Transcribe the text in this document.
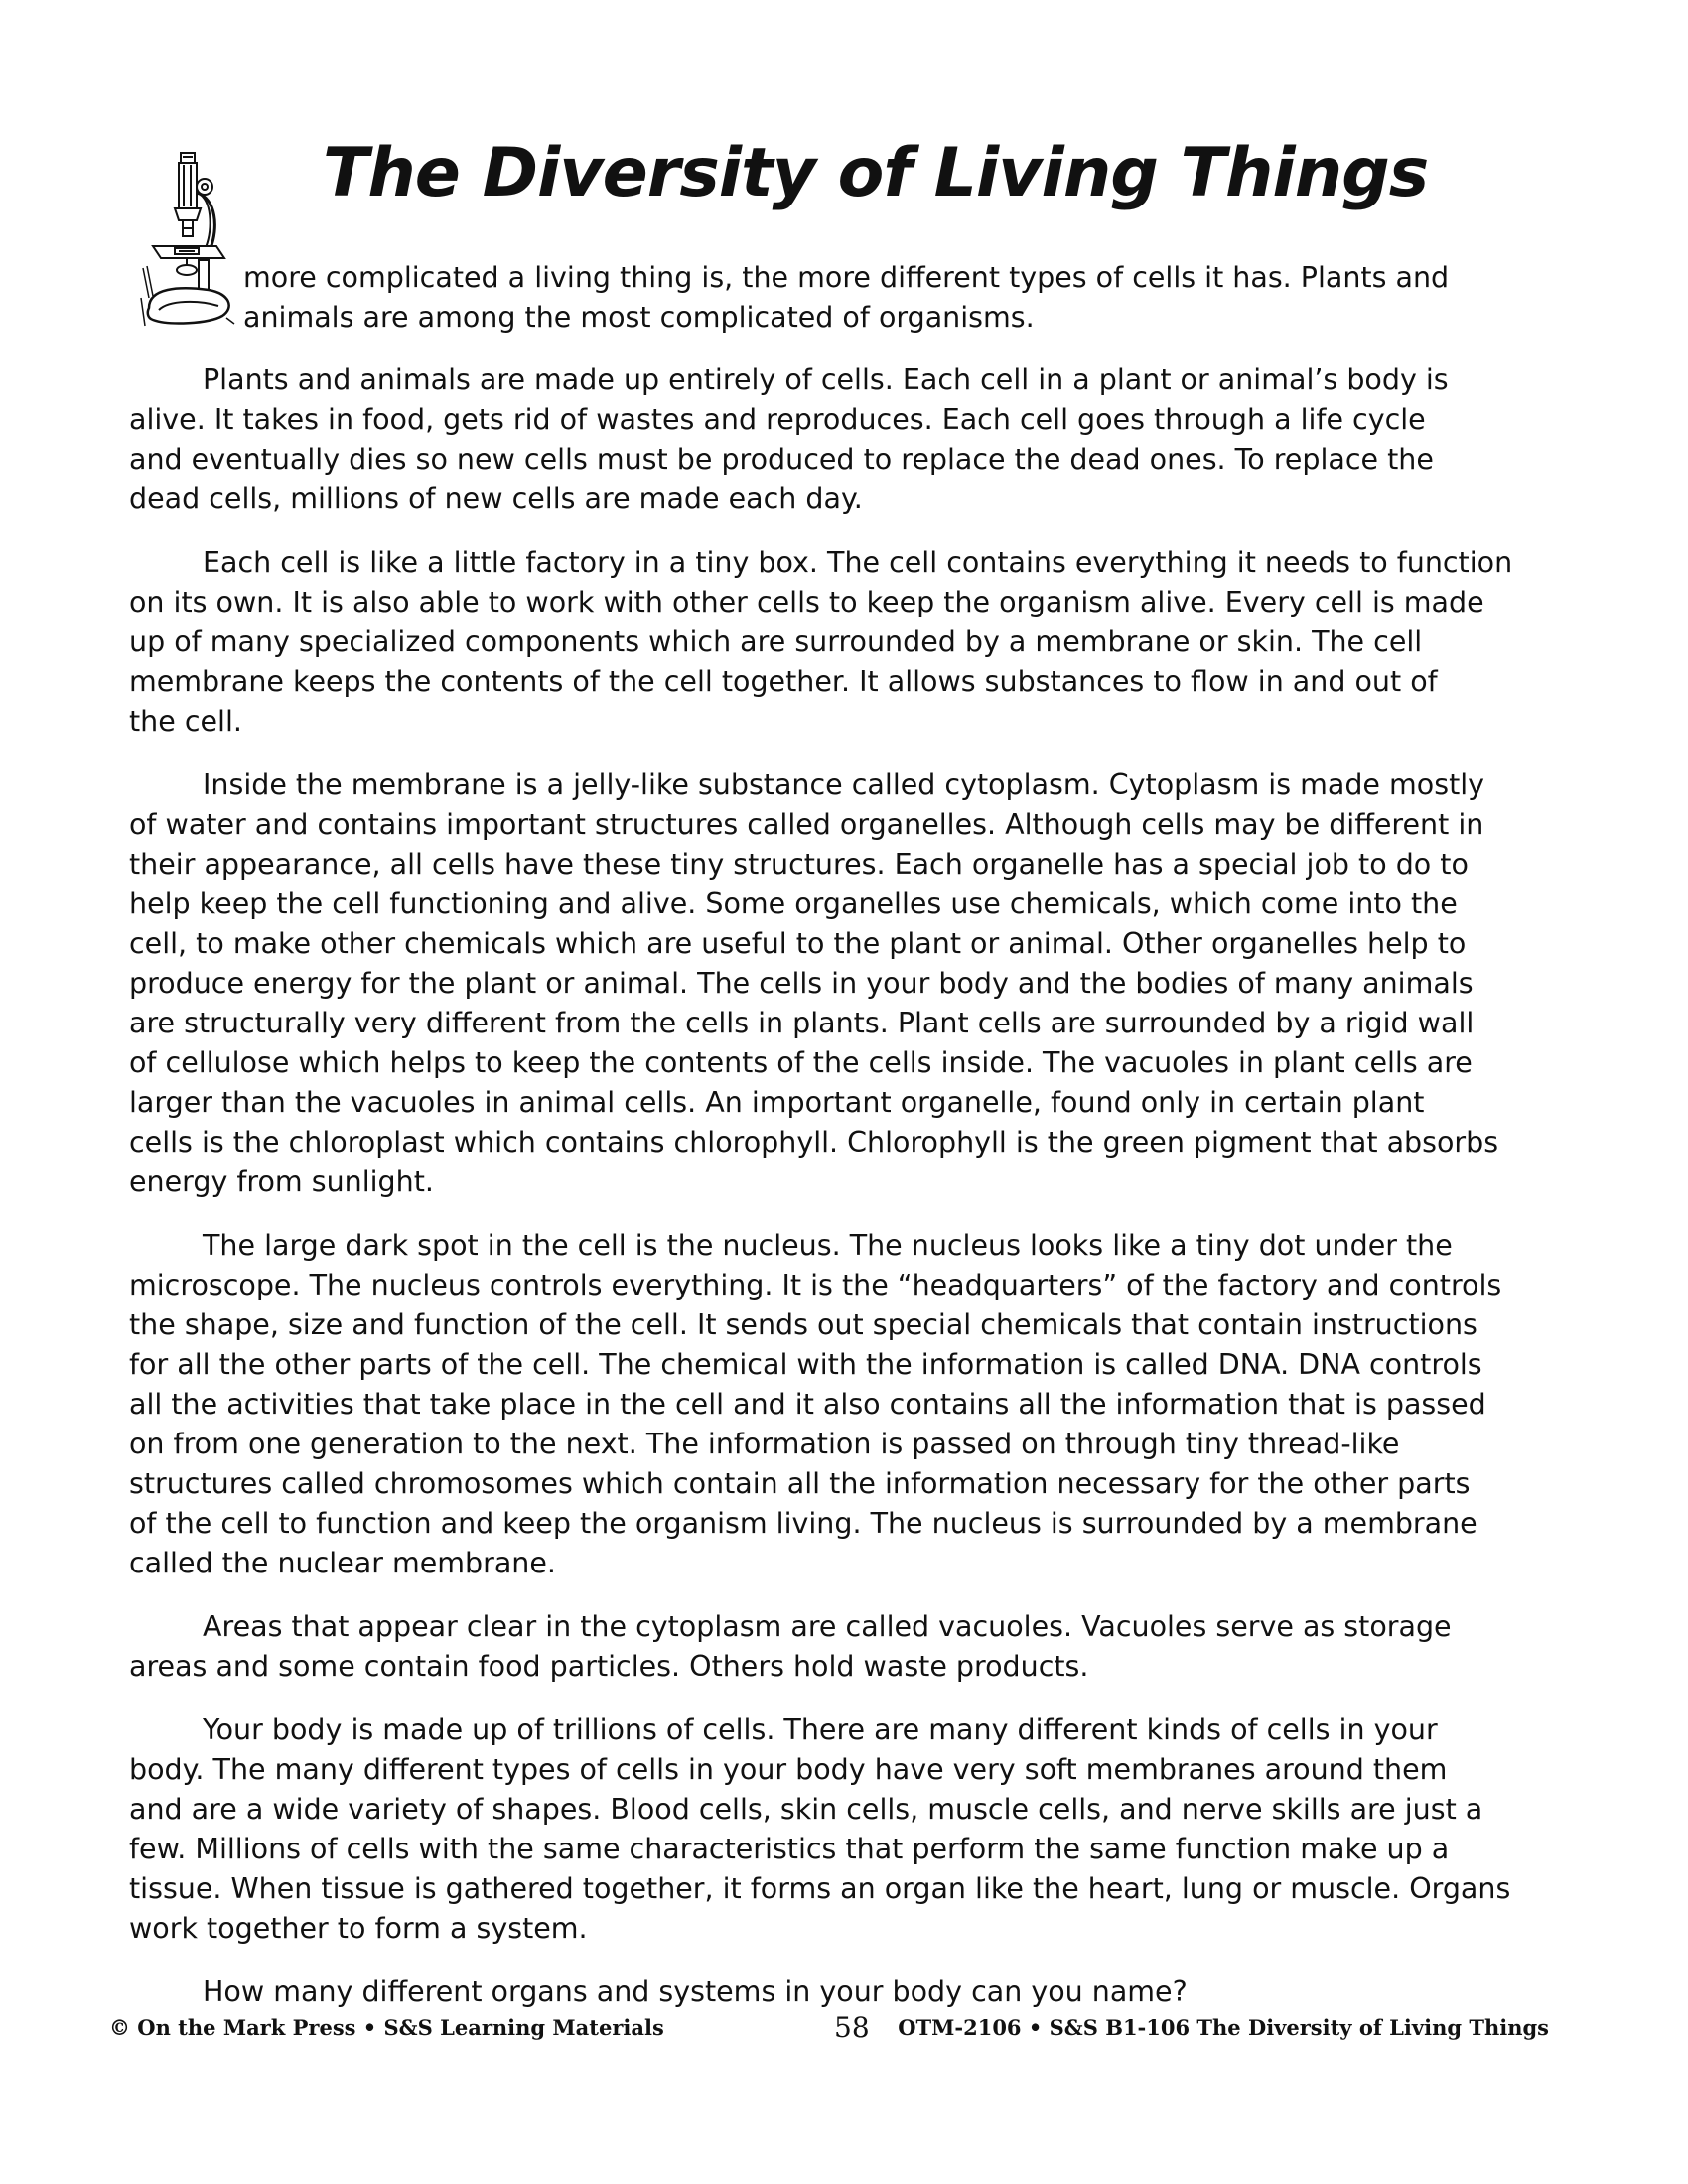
The Diversity of Living Things

more complicated a living thing is, the more different types of cells it has. Plants and
animals are among the most complicated of organisms.

Plants and animals are made up entirely of cells. Each cell in a plant or animal’s body is
alive. It takes in food, gets rid of wastes and reproduces. Each cell goes through a life cycle
and eventually dies so new cells must be produced to replace the dead ones. To replace the
dead cells, millions of new cells are made each day.

Each cell is like a little factory in a tiny box. The cell contains everything it needs to function
on its own. It is also able to work with other cells to keep the organism alive. Every cell is made
up of many specialized components which are surrounded by a membrane or skin. The cell
membrane keeps the contents of the cell together. It allows substances to flow in and out of
the cell.

Inside the membrane is a jelly-like substance called cytoplasm. Cytoplasm is made mostly
of water and contains important structures called organelles. Although cells may be different in
their appearance, all cells have these tiny structures. Each organelle has a special job to do to
help keep the cell functioning and alive. Some organelles use chemicals, which come into the
cell, to make other chemicals which are useful to the plant or animal. Other organelles help to
produce energy for the plant or animal. The cells in your body and the bodies of many animals
are structurally very different from the cells in plants. Plant cells are surrounded by a rigid wall
of cellulose which helps to keep the contents of the cells inside. The vacuoles in plant cells are
larger than the vacuoles in animal cells. An important organelle, found only in certain plant
cells is the chloroplast which contains chlorophyll. Chlorophyll is the green pigment that absorbs
energy from sunlight.

The large dark spot in the cell is the nucleus. The nucleus looks like a tiny dot under the
microscope. The nucleus controls everything. It is the “headquarters” of the factory and controls
the shape, size and function of the cell. It sends out special chemicals that contain instructions
for all the other parts of the cell. The chemical with the information is called DNA. DNA controls
all the activities that take place in the cell and it also contains all the information that is passed
on from one generation to the next. The information is passed on through tiny thread-like
structures called chromosomes which contain all the information necessary for the other parts
of the cell to function and keep the organism living. The nucleus is surrounded by a membrane
called the nuclear membrane.

Areas that appear clear in the cytoplasm are called vacuoles. Vacuoles serve as storage
areas and some contain food particles. Others hold waste products.

Your body is made up of trillions of cells. There are many different kinds of cells in your
body. The many different types of cells in your body have very soft membranes around them
and are a wide variety of shapes. Blood cells, skin cells, muscle cells, and nerve skills are just a
few. Millions of cells with the same characteristics that perform the same function make up a
tissue. When tissue is gathered together, it forms an organ like the heart, lung or muscle. Organs
work together to form a system.

How many different organs and systems in your body can you name?

© On the Mark Press • S&S Learning Materials	58 OTM-2106 • S&S B1-106 The Diversity of Living Things
